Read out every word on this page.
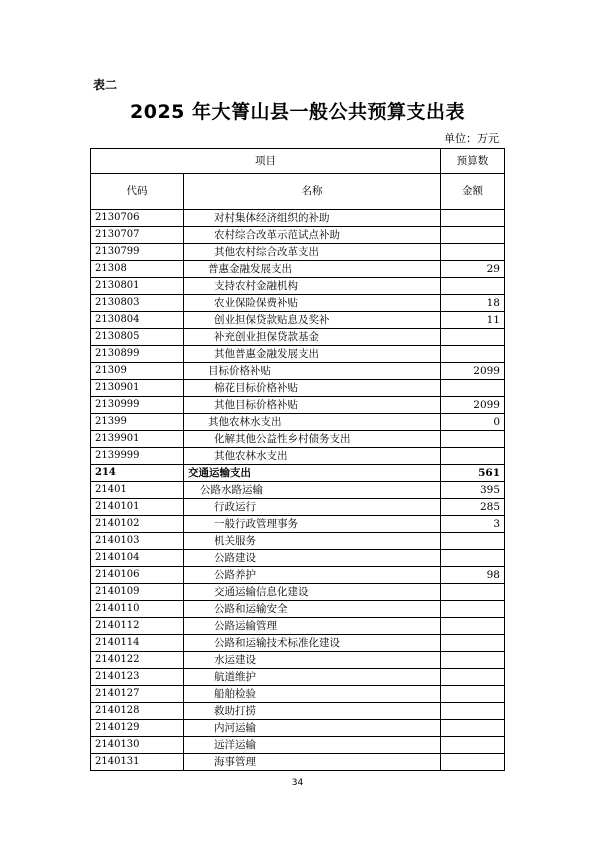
表二
2025 年大箐山县一般公共预算支出表
单位：万元
项目		预算数
代码	名称	金额
2130706	对村集体经济组织的补助	
2130707	农村综合改革示范试点补助	
2130799	其他农村综合改革支出	
21308	普惠金融发展支出	29
2130801	支持农村金融机构	
2130803	农业保险保费补贴	18
2130804	创业担保贷款贴息及奖补	11
2130805	补充创业担保贷款基金	
2130899	其他普惠金融发展支出	
21309	目标价格补贴	2099
2130901	棉花目标价格补贴	
2130999	其他目标价格补贴	2099
21399	其他农林水支出	0
2139901	化解其他公益性乡村债务支出	
2139999	其他农林水支出	
214	交通运输支出	561
21401	公路水路运输	395
2140101	行政运行	285
2140102	一般行政管理事务	3
2140103	机关服务	
2140104	公路建设	
2140106	公路养护	98
2140109	交通运输信息化建设	
2140110	公路和运输安全	
2140112	公路运输管理	
2140114	公路和运输技术标准化建设	
2140122	水运建设	
2140123	航道维护	
2140127	船舶检验	
2140128	救助打捞	
2140129	内河运输	
2140130	远洋运输	
2140131	海事管理	
34
